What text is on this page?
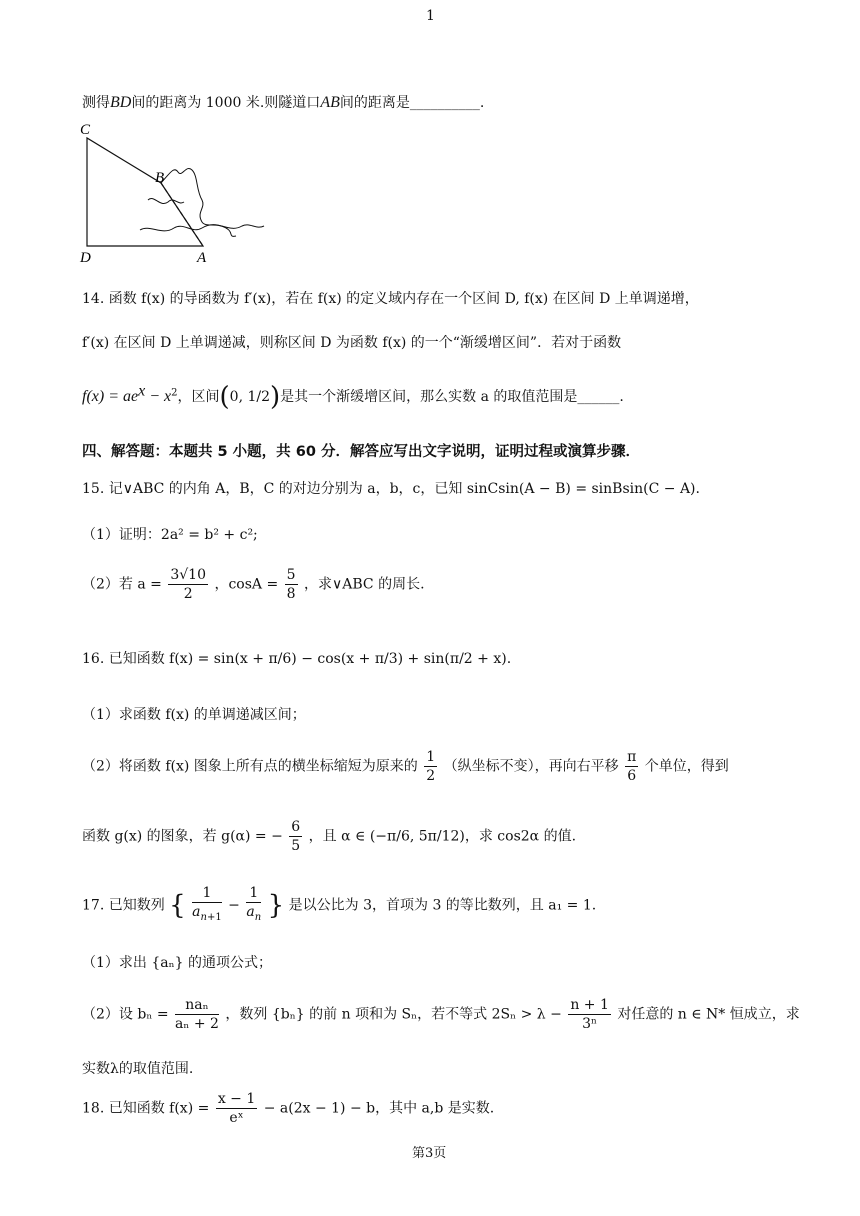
1
测得BD间的距离为 1000 米.则隧道口AB间的距离是__________.
C
B
D	A
14. 函数 f(x) 的导函数为 f′(x)，若在 f(x) 的定义域内存在一个区间 D, f(x) 在区间 D 上单调递增，
f′(x) 在区间 D 上单调递减，则称区间 D 为函数 f(x) 的一个“渐缓增区间”．若对于函数
$f(x) = ae^x - x^2$，区间(0, 1/2)是其一个渐缓增区间，那么实数 a 的取值范围是______.
四、解答题：本题共 5 小题，共 60 分．解答应写出文字说明，证明过程或演算步骤．
15. 记∨ABC 的内角 A，B，C 的对边分别为 a，b，c，已知 sinCsin(A − B) = sinBsin(C − A).
（1）证明：2a² = b² + c²;
（2）若 $a = \frac{3√10}{2}$ ，$\cos A = \frac{5}{8}$ ，求∨ABC 的周长.
16. 已知函数 f(x) = sin(x + π/6) − cos(x + π/3) + sin(π/2 + x).
（1）求函数 f(x) 的单调递减区间；
（2）将函数 f(x) 图象上所有点的横坐标缩短为原来的 $\frac{1}{2}$ （纵坐标不变），再向右平移 $\frac{\pi}{6}$ 个单位，得到
函数 g(x) 的图象，若 g(α) = − $\frac{6}{5}$ ，且 α ∈ (−π/6, 5π/12)，求 cos2α 的值.
17. 已知数列 { $\frac{1}{a_{n+1}} - \frac{1}{a_n}$ } 是以公比为 3，首项为 3 的等比数列，且 a₁ = 1.
（1）求出 {aₙ} 的通项公式；
（2）设 $b_n = \frac{\text{naₙ}}{\text{aₙ + 2}}$ ，数列 {bₙ} 的前 n 项和为 Sₙ，若不等式 $2S_n > \lambda - \frac{n + 1}{\text{3ⁿ}}$ 对任意的 n ∈ N* 恒成立，求
实数λ的取值范围.
18. 已知函数 $f(x) = \frac{x - 1}{\text{eˣ}} - a(2x - 1) - b$，其中 a,b 是实数.
第3页
